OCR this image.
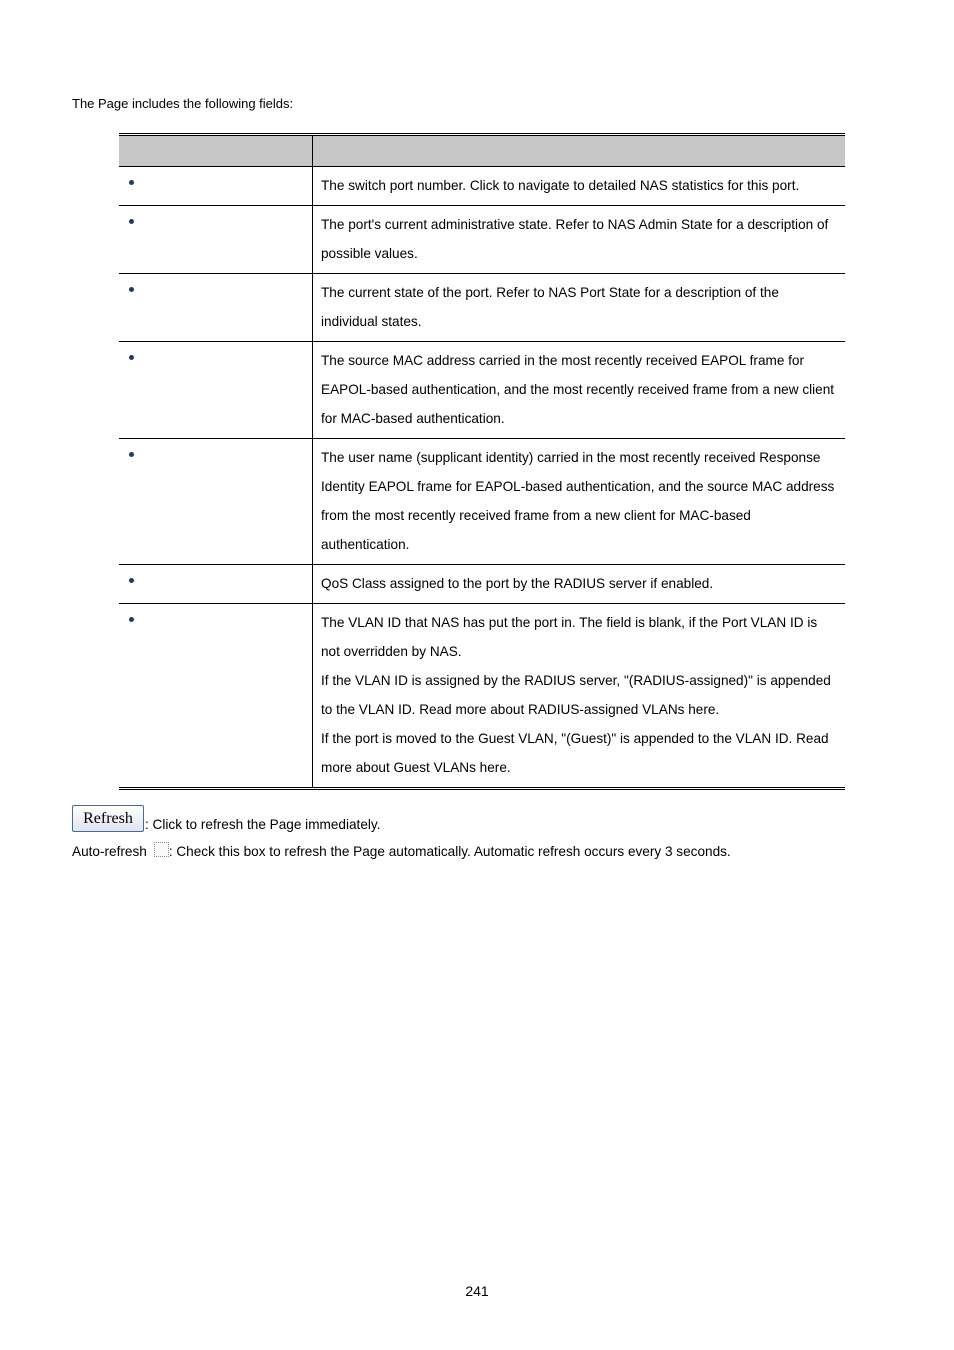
The Page includes the following fields:

	The switch port number. Click to navigate to detailed NAS statistics for this port.

	The port's current administrative state. Refer to NAS Admin State for a description of possible values.

	The current state of the port. Refer to NAS Port State for a description of the individual states.

	The source MAC address carried in the most recently received EAPOL frame for EAPOL-based authentication, and the most recently received frame from a new client for MAC-based authentication.

	The user name (supplicant identity) carried in the most recently received Response Identity EAPOL frame for EAPOL-based authentication, and the source MAC address from the most recently received frame from a new client for MAC-based authentication.

	QoS Class assigned to the port by the RADIUS server if enabled.

	The VLAN ID that NAS has put the port in. The field is blank, if the Port VLAN ID is not overridden by NAS.

If the VLAN ID is assigned by the RADIUS server, "(RADIUS-assigned)" is appended to the VLAN ID. Read more about RADIUS-assigned VLANs here.

If the port is moved to the Guest VLAN, "(Guest)" is appended to the VLAN ID. Read more about Guest VLANs here.

Refresh : Click to refresh the Page immediately.
Auto-refresh : Check this box to refresh the Page automatically. Automatic refresh occurs every 3 seconds.
241
